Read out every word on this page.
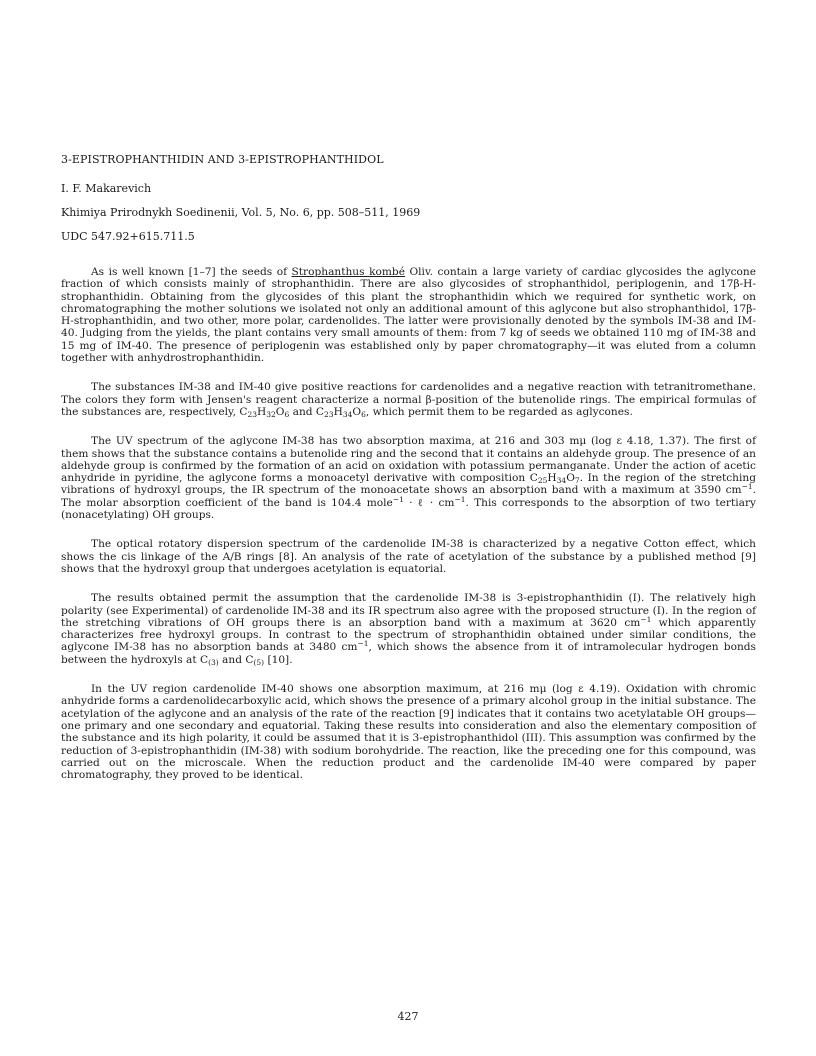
3-EPISTROPHANTHIDIN AND 3-EPISTROPHANTHIDOL

I. F. Makarevich

Khimiya Prirodnykh Soedinenii, Vol. 5, No. 6, pp. 508–511, 1969

UDC 547.92+615.711.5

As is well known [1–7] the seeds of Strophanthus kombé Oliv. contain a large variety of cardiac glycosides the aglycone fraction of which consists mainly of strophanthidin. There are also glycosides of strophanthidol, periplogenin, and 17β-H-strophanthidin. Obtaining from the glycosides of this plant the strophanthidin which we required for synthetic work, on chromatographing the mother solutions we isolated not only an additional amount of this aglycone but also strophanthidol, 17β-H-strophanthidin, and two other, more polar, cardenolides. The latter were provisionally denoted by the symbols IM-38 and IM-40. Judging from the yields, the plant contains very small amounts of them: from 7 kg of seeds we obtained 110 mg of IM-38 and 15 mg of IM-40. The presence of periplogenin was established only by paper chromatography—it was eluted from a column together with anhydrostrophanthidin.

The substances IM-38 and IM-40 give positive reactions for cardenolides and a negative reaction with tetranitromethane. The colors they form with Jensen's reagent characterize a normal β-position of the butenolide rings. The empirical formulas of the substances are, respectively, $C_{23}H_{32}O_6$ and $C_{23}H_{34}O_6$, which permit them to be regarded as aglycones.

The UV spectrum of the aglycone IM-38 has two absorption maxima, at 216 and 303 mμ (log ε 4.18, 1.37). The first of them shows that the substance contains a butenolide ring and the second that it contains an aldehyde group. The presence of an aldehyde group is confirmed by the formation of an acid on oxidation with potassium permanganate. Under the action of acetic anhydride in pyridine, the aglycone forms a monoacetyl derivative with composition $C_{25}H_{34}O_7$. In the region of the stretching vibrations of hydroxyl groups, the IR spectrum of the monoacetate shows an absorption band with a maximum at 3590 $cm^{-1}$. The molar absorption coefficient of the band is 104.4 mole$^{-1}$ · ℓ · $cm^{-1}$. This corresponds to the absorption of two tertiary (nonacetylating) OH groups.

The optical rotatory dispersion spectrum of the cardenolide IM-38 is characterized by a negative Cotton effect, which shows the cis linkage of the A/B rings [8]. An analysis of the rate of acetylation of the substance by a published method [9] shows that the hydroxyl group that undergoes acetylation is equatorial.

The results obtained permit the assumption that the cardenolide IM-38 is 3-epistrophanthidin (I). The relatively high polarity (see Experimental) of cardenolide IM-38 and its IR spectrum also agree with the proposed structure (I). In the region of the stretching vibrations of OH groups there is an absorption band with a maximum at 3620 $cm^{-1}$ which apparently characterizes free hydroxyl groups. In contrast to the spectrum of strophanthidin obtained under similar conditions, the aglycone IM-38 has no absorption bands at 3480 $cm^{-1}$, which shows the absence from it of intramolecular hydrogen bonds between the hydroxyls at $C_{(3)}$ and $C_{(5)}$ [10].

In the UV region cardenolide IM-40 shows one absorption maximum, at 216 mμ (log ε 4.19). Oxidation with chromic anhydride forms a cardenolidecarboxylic acid, which shows the presence of a primary alcohol group in the initial substance. The acetylation of the aglycone and an analysis of the rate of the reaction [9] indicates that it contains two acetylatable OH groups—one primary and one secondary and equatorial. Taking these results into consideration and also the elementary composition of the substance and its high polarity, it could be assumed that it is 3-epistrophanthidol (III). This assumption was confirmed by the reduction of 3-epistrophanthidin (IM-38) with sodium borohydride. The reaction, like the preceding one for this compound, was carried out on the microscale. When the reduction product and the cardenolide IM-40 were compared by paper chromatography, they proved to be identical.

427
